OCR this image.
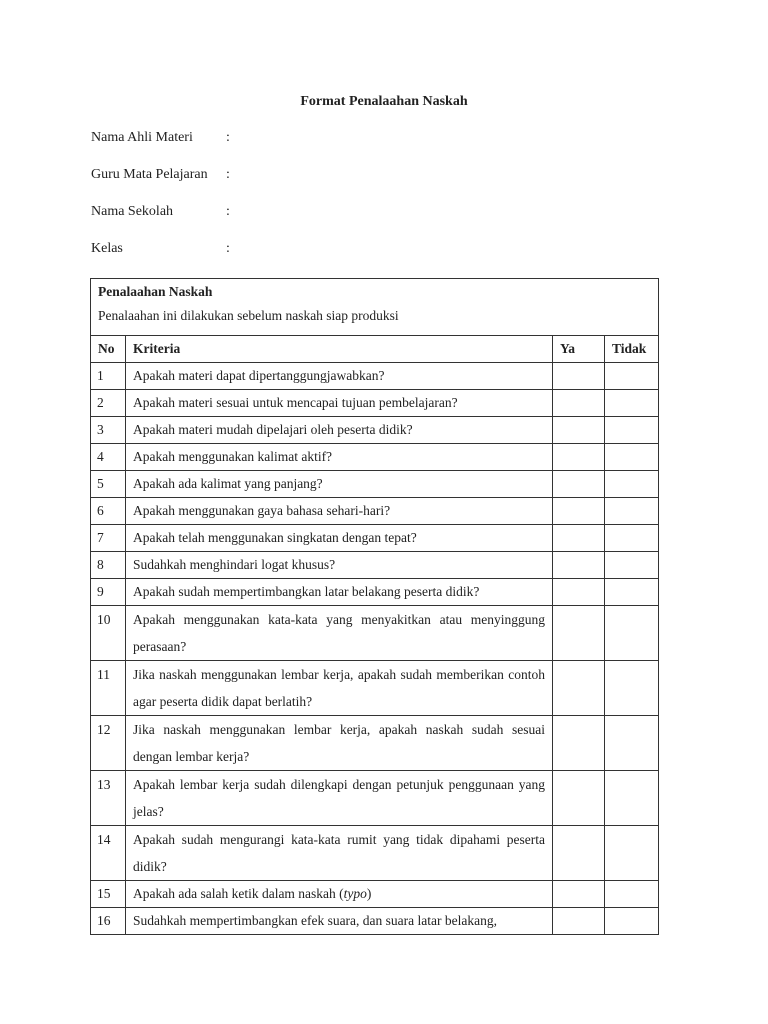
Format Penalaahan Naskah
Nama Ahli Materi :
Guru Mata Pelajaran :
Nama Sekolah	:
Kelas	:
Penalaahan Naskah
Penalaahan ini dilakukan sebelum naskah siap produksi			

No	Kriteria	Ya	Tidak
1	Apakah materi dapat dipertanggungjawabkan?		
2	Apakah materi sesuai untuk mencapai tujuan pembelajaran?		
3	Apakah materi mudah dipelajari oleh peserta didik?		
4	Apakah menggunakan kalimat aktif?		
5	Apakah ada kalimat yang panjang?		
6	Apakah menggunakan gaya bahasa sehari-hari?		
7	Apakah telah menggunakan singkatan dengan tepat?		
8	Sudahkah menghindari logat khusus?		
9	Apakah sudah mempertimbangkan latar belakang peserta didik?		
10	Apakah menggunakan kata-kata yang menyakitkan atau menyinggung perasaan?		
11	Jika naskah menggunakan lembar kerja, apakah sudah memberikan contoh agar peserta didik dapat berlatih?		
12	Jika naskah menggunakan lembar kerja, apakah naskah sudah sesuai dengan lembar kerja?		
13	Apakah lembar kerja sudah dilengkapi dengan petunjuk penggunaan yang jelas?		
14	Apakah sudah mengurangi kata-kata rumit yang tidak dipahami peserta didik?		
15	Apakah ada salah ketik dalam naskah (typo)		
16	Sudahkah mempertimbangkan efek suara, dan suara latar belakang,		
